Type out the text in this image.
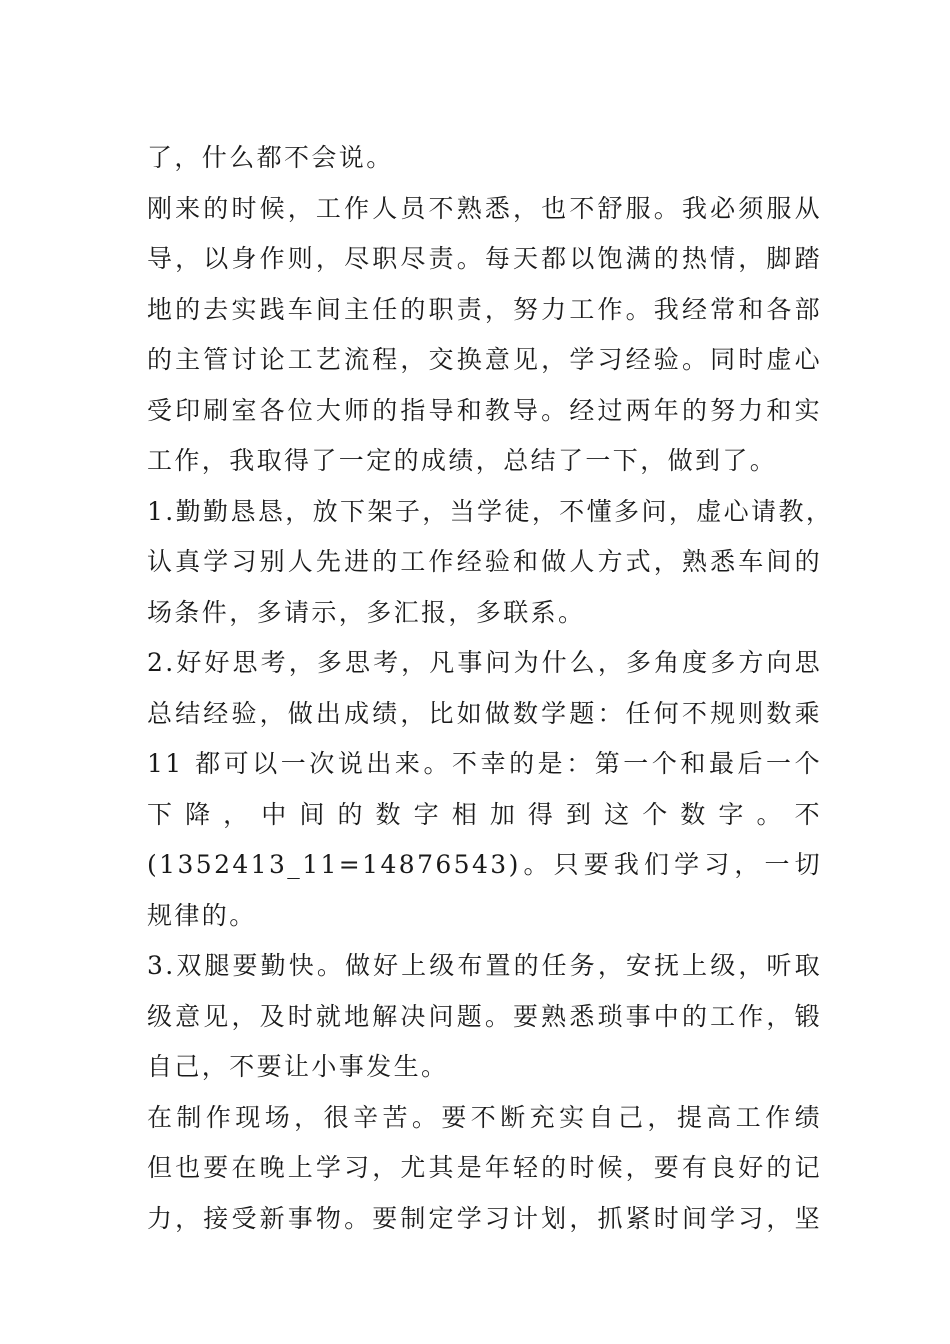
了，什么都不会说。
刚来的时候，工作人员不熟悉，也不舒服。我必须服从
导，以身作则，尽职尽责。每天都以饱满的热情，脚踏
地的去实践车间主任的职责，努力工作。我经常和各部
的主管讨论工艺流程，交换意见，学习经验。同时虚心
受印刷室各位大师的指导和教导。经过两年的努力和实
工作，我取得了一定的成绩，总结了一下，做到了。
1.勤勤恳恳，放下架子，当学徒，不懂多问，虚心请教，
认真学习别人先进的工作经验和做人方式，熟悉车间的
场条件，多请示，多汇报，多联系。
2.好好思考，多思考，凡事问为什么，多角度多方向思
总结经验，做出成绩，比如做数学题：任何不规则数乘
11 都可以一次说出来。不幸的是：第一个和最后一个
下 降 ， 中 间 的 数 字 相 加 得 到 这 个 数 字 。 不
(1352413_11=14876543)。只要我们学习，一切
规律的。
3.双腿要勤快。做好上级布置的任务，安抚上级，听取
级意见，及时就地解决问题。要熟悉琐事中的工作，锻
自己，不要让小事发生。
在制作现场，很辛苦。要不断充实自己，提高工作绩
但也要在晚上学习，尤其是年轻的时候，要有良好的记
力，接受新事物。要制定学习计划，抓紧时间学习，坚
